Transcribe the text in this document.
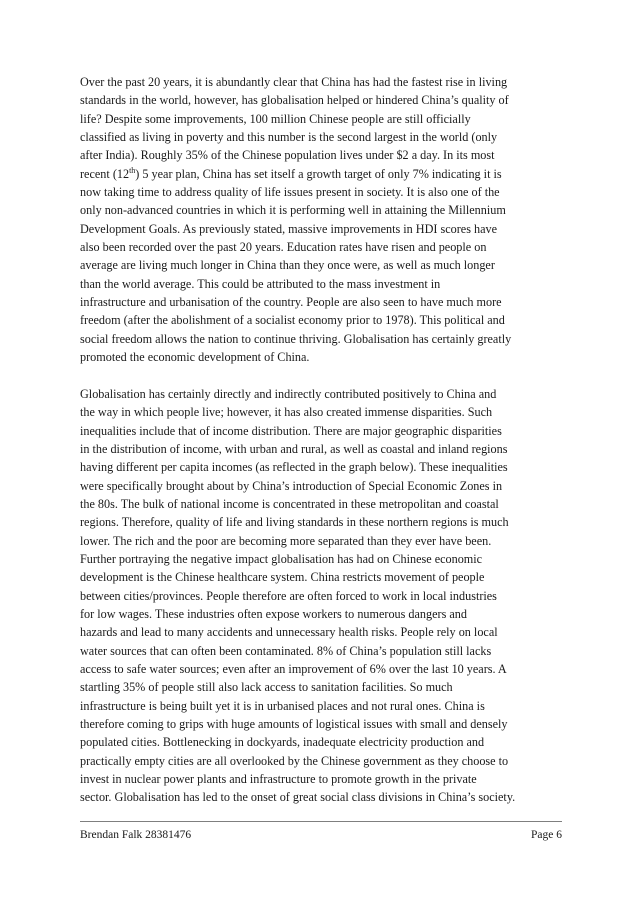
Over the past 20 years, it is abundantly clear that China has had the fastest rise in living
standards in the world, however, has globalisation helped or hindered China’s quality of
life? Despite some improvements, 100 million Chinese people are still officially
classified as living in poverty and this number is the second largest in the world (only
after India). Roughly 35% of the Chinese population lives under $2 a day. In its most
recent (12th) 5 year plan, China has set itself a growth target of only 7% indicating it is
now taking time to address quality of life issues present in society. It is also one of the
only non-advanced countries in which it is performing well in attaining the Millennium
Development Goals. As previously stated, massive improvements in HDI scores have
also been recorded over the past 20 years. Education rates have risen and people on
average are living much longer in China than they once were, as well as much longer
than the world average. This could be attributed to the mass investment in
infrastructure and urbanisation of the country. People are also seen to have much more
freedom (after the abolishment of a socialist economy prior to 1978). This political and
social freedom allows the nation to continue thriving. Globalisation has certainly greatly
promoted the economic development of China.

Globalisation has certainly directly and indirectly contributed positively to China and
the way in which people live; however, it has also created immense disparities. Such
inequalities include that of income distribution. There are major geographic disparities
in the distribution of income, with urban and rural, as well as coastal and inland regions
having different per capita incomes (as reflected in the graph below). These inequalities
were specifically brought about by China’s introduction of Special Economic Zones in
the 80s. The bulk of national income is concentrated in these metropolitan and coastal
regions. Therefore, quality of life and living standards in these northern regions is much
lower. The rich and the poor are becoming more separated than they ever have been.
Further portraying the negative impact globalisation has had on Chinese economic
development is the Chinese healthcare system. China restricts movement of people
between cities/provinces. People therefore are often forced to work in local industries
for low wages. These industries often expose workers to numerous dangers and
hazards and lead to many accidents and unnecessary health risks. People rely on local
water sources that can often been contaminated. 8% of China’s population still lacks
access to safe water sources; even after an improvement of 6% over the last 10 years. A
startling 35% of people still also lack access to sanitation facilities. So much
infrastructure is being built yet it is in urbanised places and not rural ones. China is
therefore coming to grips with huge amounts of logistical issues with small and densely
populated cities. Bottlenecking in dockyards, inadequate electricity production and
practically empty cities are all overlooked by the Chinese government as they choose to
invest in nuclear power plants and infrastructure to promote growth in the private
sector. Globalisation has led to the onset of great social class divisions in China’s society.

Brendan Falk 28381476	Page 6
